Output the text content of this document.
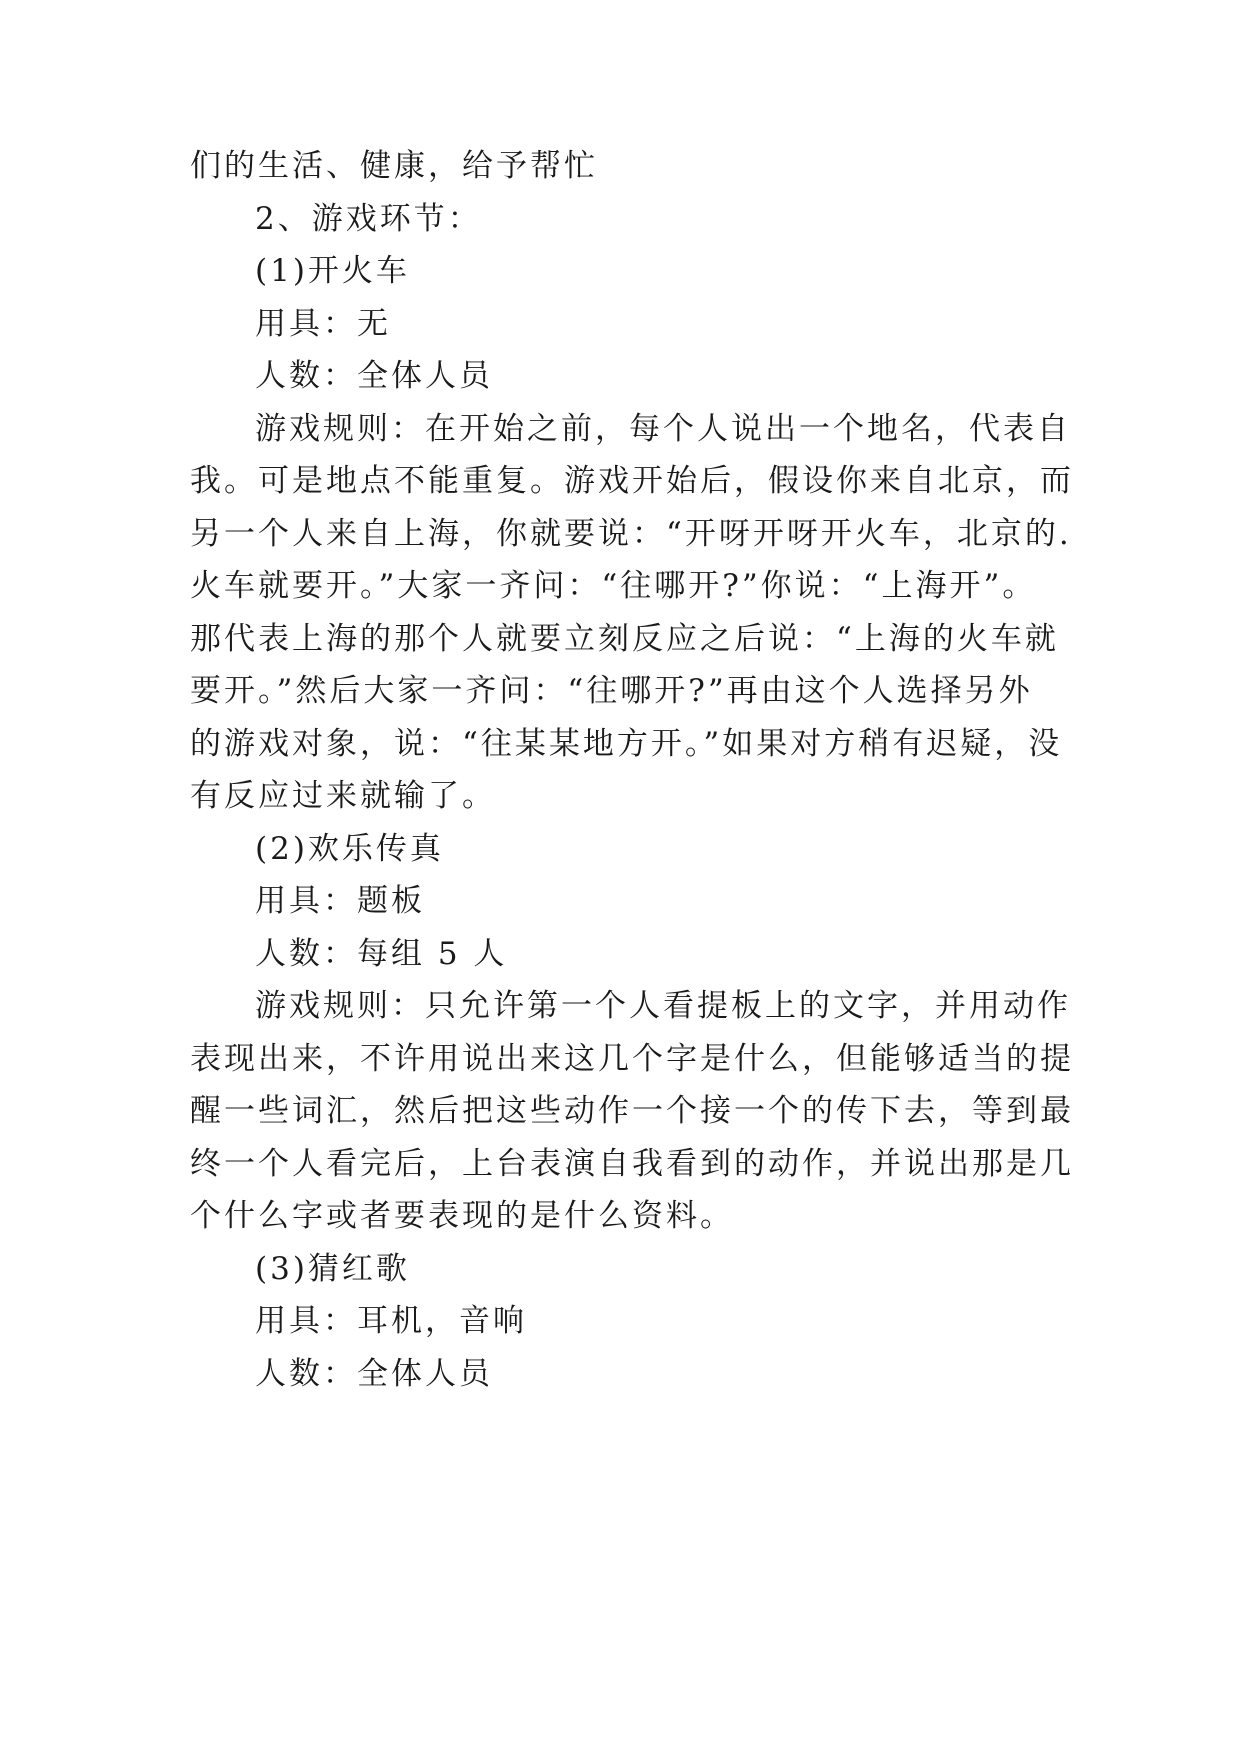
们的生活、健康，给予帮忙
2、游戏环节：
(1)开火车
用具：无
人数：全体人员
游戏规则：在开始之前，每个人说出一个地名，代表自
我。可是地点不能重复。游戏开始后，假设你来自北京，而
另一个人来自上海，你就要说：“开呀开呀开火车，北京的.
火车就要开。”大家一齐问：“往哪开?”你说：“上海开”。
那代表上海的那个人就要立刻反应之后说：“上海的火车就
要开。”然后大家一齐问：“往哪开?”再由这个人选择另外
的游戏对象，说：“往某某地方开。”如果对方稍有迟疑，没
有反应过来就输了。
(2)欢乐传真
用具：题板
人数：每组 5 人
游戏规则：只允许第一个人看提板上的文字，并用动作
表现出来，不许用说出来这几个字是什么，但能够适当的提
醒一些词汇，然后把这些动作一个接一个的传下去，等到最
终一个人看完后，上台表演自我看到的动作，并说出那是几
个什么字或者要表现的是什么资料。
(3)猜红歌
用具：耳机，音响
人数：全体人员
